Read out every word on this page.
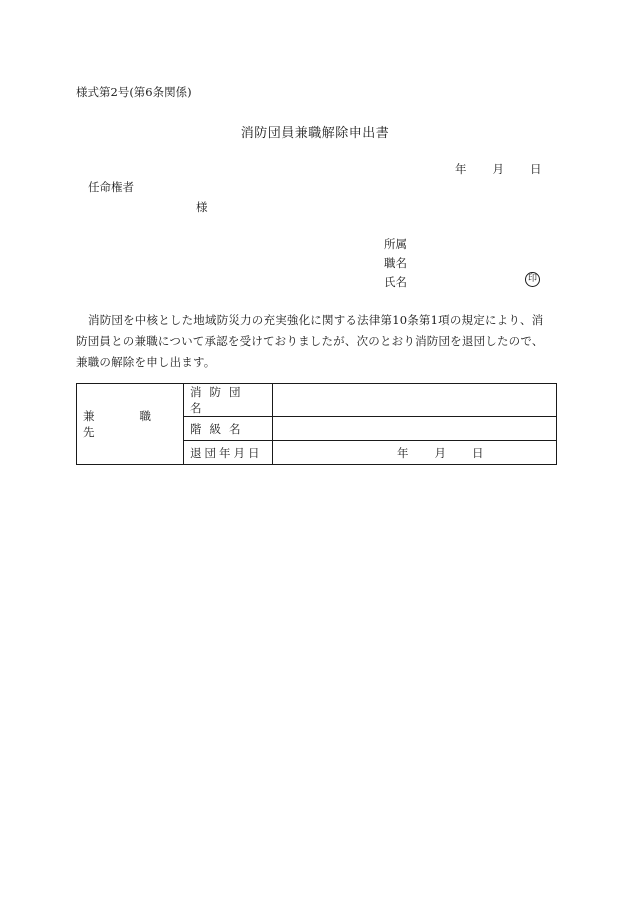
様式第2号(第6条関係)
消防団員兼職解除申出書
年 月 日
任命権者
様
所属
職名
氏名	印
消防団を中核とした地域防災力の充実強化に関する法律第10条第1項の規定により、消防団員との兼職について承認を受けておりましたが、次のとおり消防団を退団したので、兼職の解除を申し出ます。
兼職先	消防団名	
	階級名	
	退団年月日	年 月 日
